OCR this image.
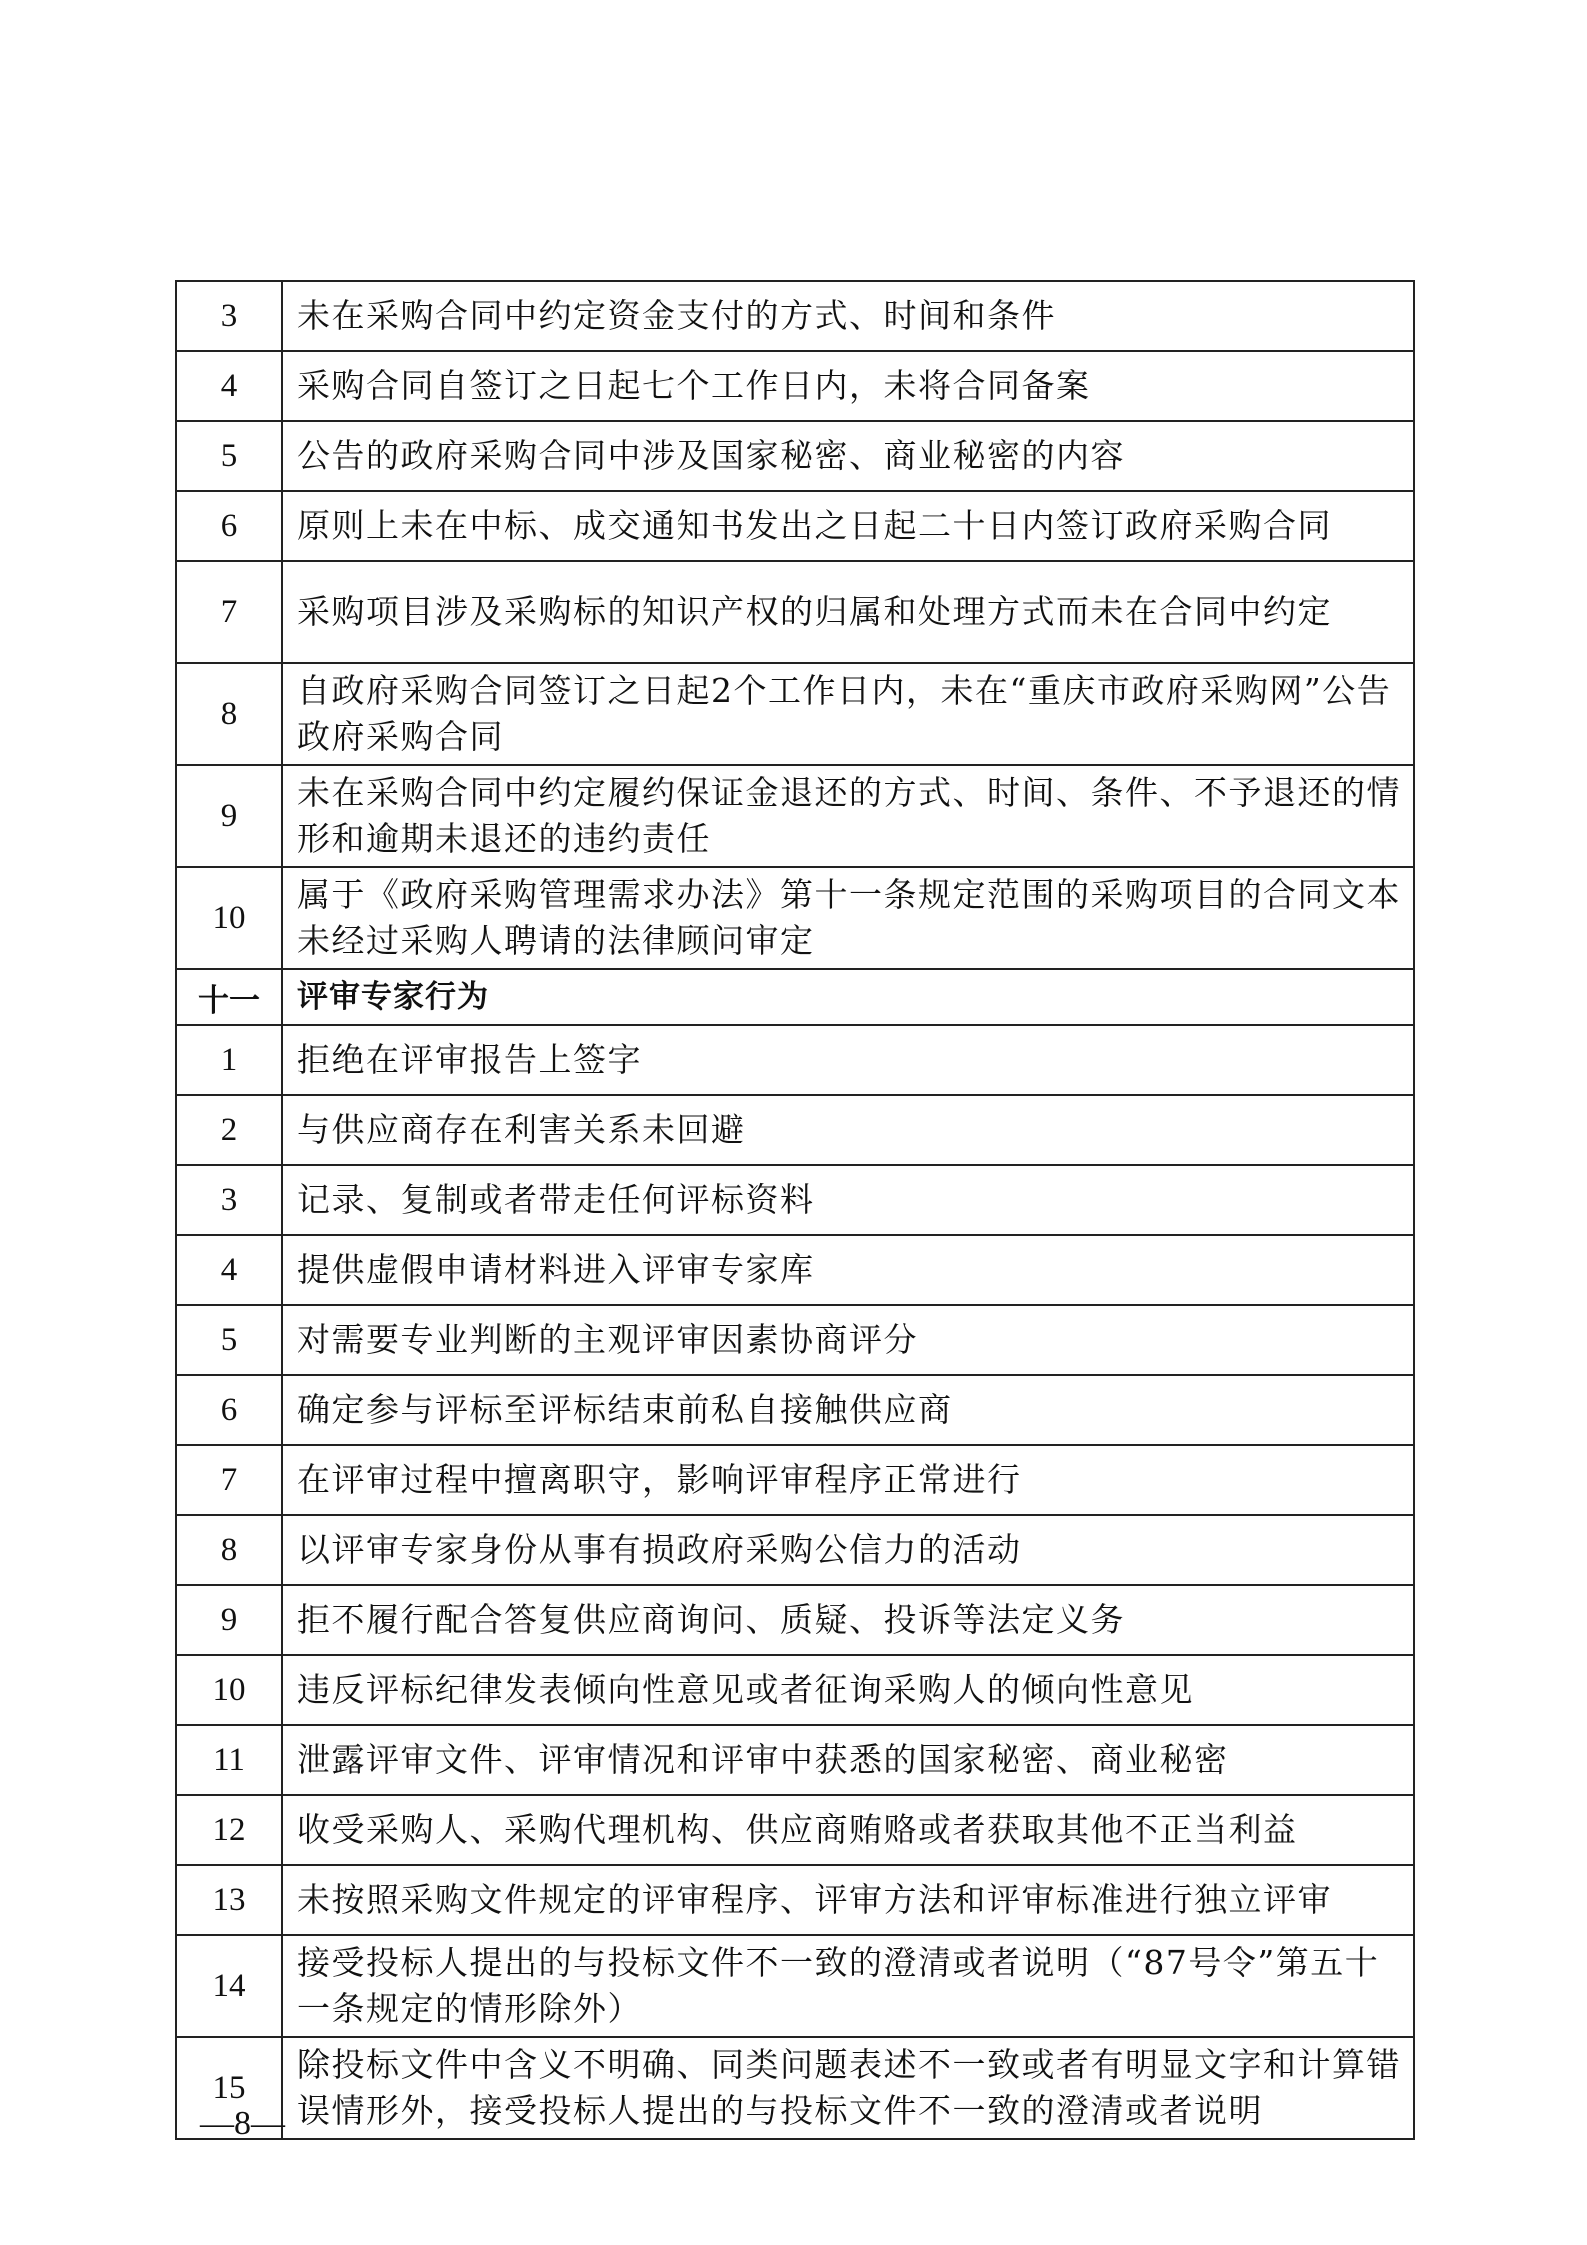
3	未在采购合同中约定资金支付的方式、时间和条件
4	采购合同自签订之日起七个工作日内，未将合同备案
5	公告的政府采购合同中涉及国家秘密、商业秘密的内容
6	原则上未在中标、成交通知书发出之日起二十日内签订政府采购合同
7	采购项目涉及采购标的知识产权的归属和处理方式而未在合同中约定
8	自政府采购合同签订之日起2个工作日内，未在“重庆市政府采购网”公告政府采购合同
9	未在采购合同中约定履约保证金退还的方式、时间、条件、不予退还的情形和逾期未退还的违约责任
10	属于《政府采购管理需求办法》第十一条规定范围的采购项目的合同文本未经过采购人聘请的法律顾问审定
十一	评审专家行为
1	拒绝在评审报告上签字
2	与供应商存在利害关系未回避
3	记录、复制或者带走任何评标资料
4	提供虚假申请材料进入评审专家库
5	对需要专业判断的主观评审因素协商评分
6	确定参与评标至评标结束前私自接触供应商
7	在评审过程中擅离职守，影响评审程序正常进行
8	以评审专家身份从事有损政府采购公信力的活动
9	拒不履行配合答复供应商询问、质疑、投诉等法定义务
10	违反评标纪律发表倾向性意见或者征询采购人的倾向性意见
11	泄露评审文件、评审情况和评审中获悉的国家秘密、商业秘密
12	收受采购人、采购代理机构、供应商贿赂或者获取其他不正当利益
13	未按照采购文件规定的评审程序、评审方法和评审标准进行独立评审
14	接受投标人提出的与投标文件不一致的澄清或者说明（“87号令”第五十一条规定的情形除外）
15	除投标文件中含义不明确、同类问题表述不一致或者有明显文字和计算错误情形外，接受投标人提出的与投标文件不一致的澄清或者说明
—8—
